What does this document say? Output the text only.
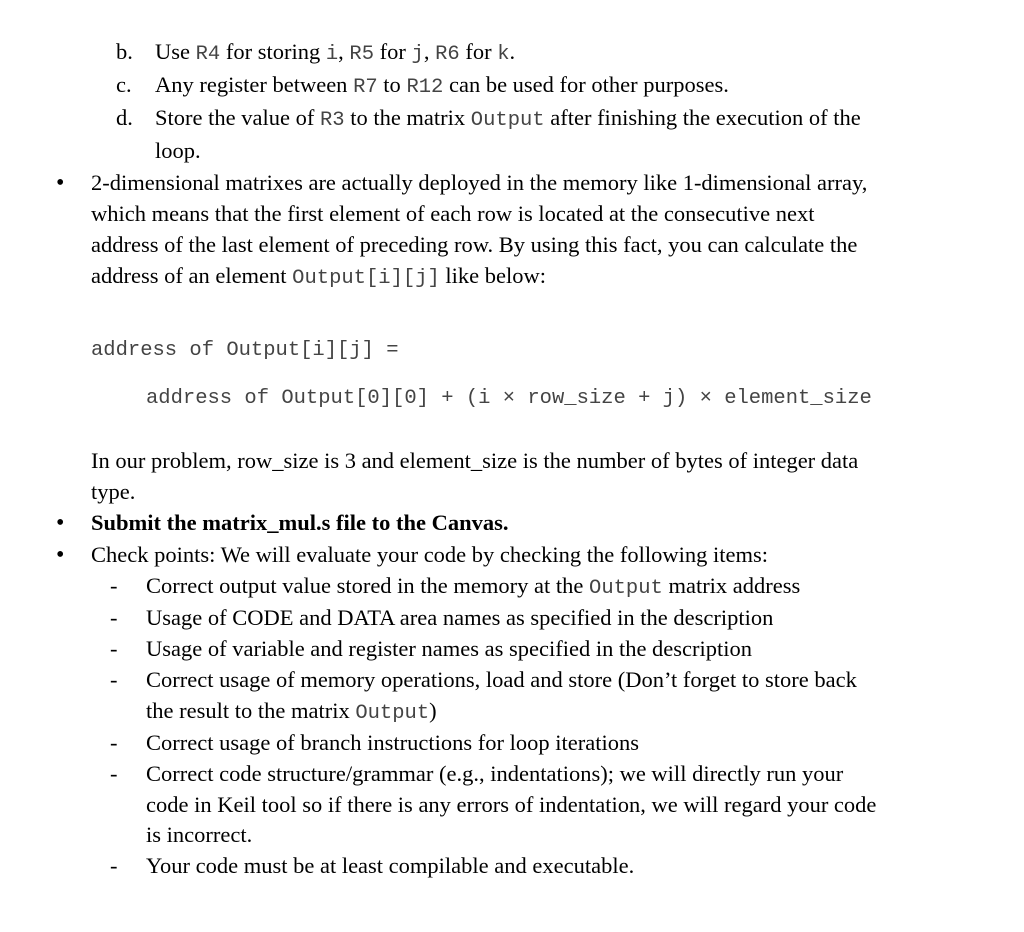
b. Use R4 for storing i, R5 for j, R6 for k.
c. Any register between R7 to R12 can be used for other purposes.
d. Store the value of R3 to the matrix Output after finishing the execution of the
loop.
• 2-dimensional matrixes are actually deployed in the memory like 1-dimensional array,
which means that the first element of each row is located at the consecutive next
address of the last element of preceding row. By using this fact, you can calculate the
address of an element Output[i][j] like below:
address of Output[i][j] =
address of Output[0][0] + (i × row_size + j) × element_size
In our problem, row_size is 3 and element_size is the number of bytes of integer data
type.
• Submit the matrix_mul.s file to the Canvas.
• Check points: We will evaluate your code by checking the following items:
- Correct output value stored in the memory at the Output matrix address
- Usage of CODE and DATA area names as specified in the description
- Usage of variable and register names as specified in the description
- Correct usage of memory operations, load and store (Don’t forget to store back
the result to the matrix Output)
- Correct usage of branch instructions for loop iterations
- Correct code structure/grammar (e.g., indentations); we will directly run your
code in Keil tool so if there is any errors of indentation, we will regard your code
is incorrect.
- Your code must be at least compilable and executable.
